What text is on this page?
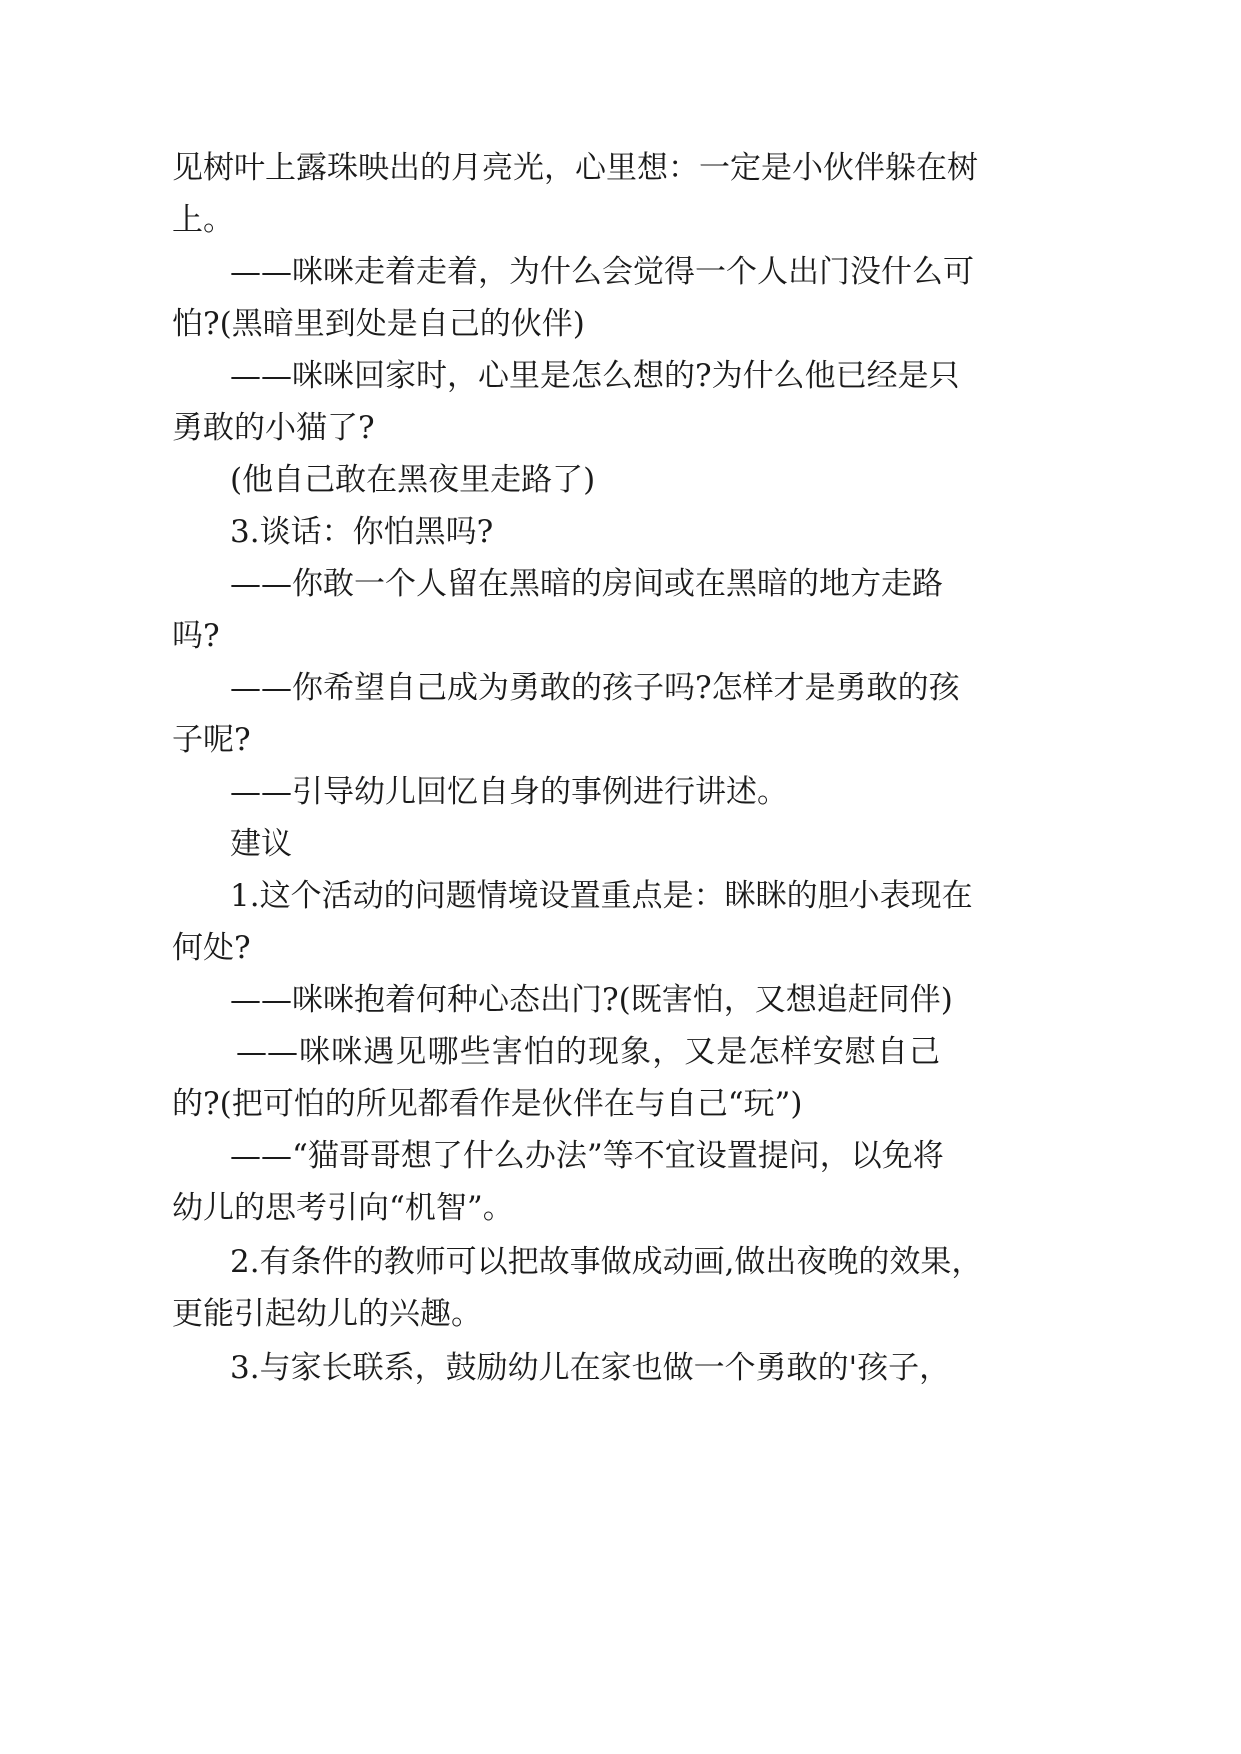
见树叶上露珠映出的月亮光，心里想：一定是小伙伴躲在树
上。
——咪咪走着走着，为什么会觉得一个人出门没什么可
怕?(黑暗里到处是自己的伙伴)
——咪咪回家时，心里是怎么想的?为什么他已经是只
勇敢的小猫了?
(他自己敢在黑夜里走路了)
3.谈话：你怕黑吗?
——你敢一个人留在黑暗的房间或在黑暗的地方走路
吗?
——你希望自己成为勇敢的孩子吗?怎样才是勇敢的孩
子呢?
——引导幼儿回忆自身的事例进行讲述。
建议
1.这个活动的问题情境设置重点是：眯眯的胆小表现在
何处?
——咪咪抱着何种心态出门?(既害怕，又想追赶同伴)
——咪咪遇见哪些害怕的现象，又是怎样安慰自己
的?(把可怕的所见都看作是伙伴在与自己“玩”)
——“猫哥哥想了什么办法”等不宜设置提问，以免将
幼儿的思考引向“机智”。
2.有条件的教师可以把故事做成动画,做出夜晚的效果，
更能引起幼儿的兴趣。
3.与家长联系，鼓励幼儿在家也做一个勇敢的'孩子，
